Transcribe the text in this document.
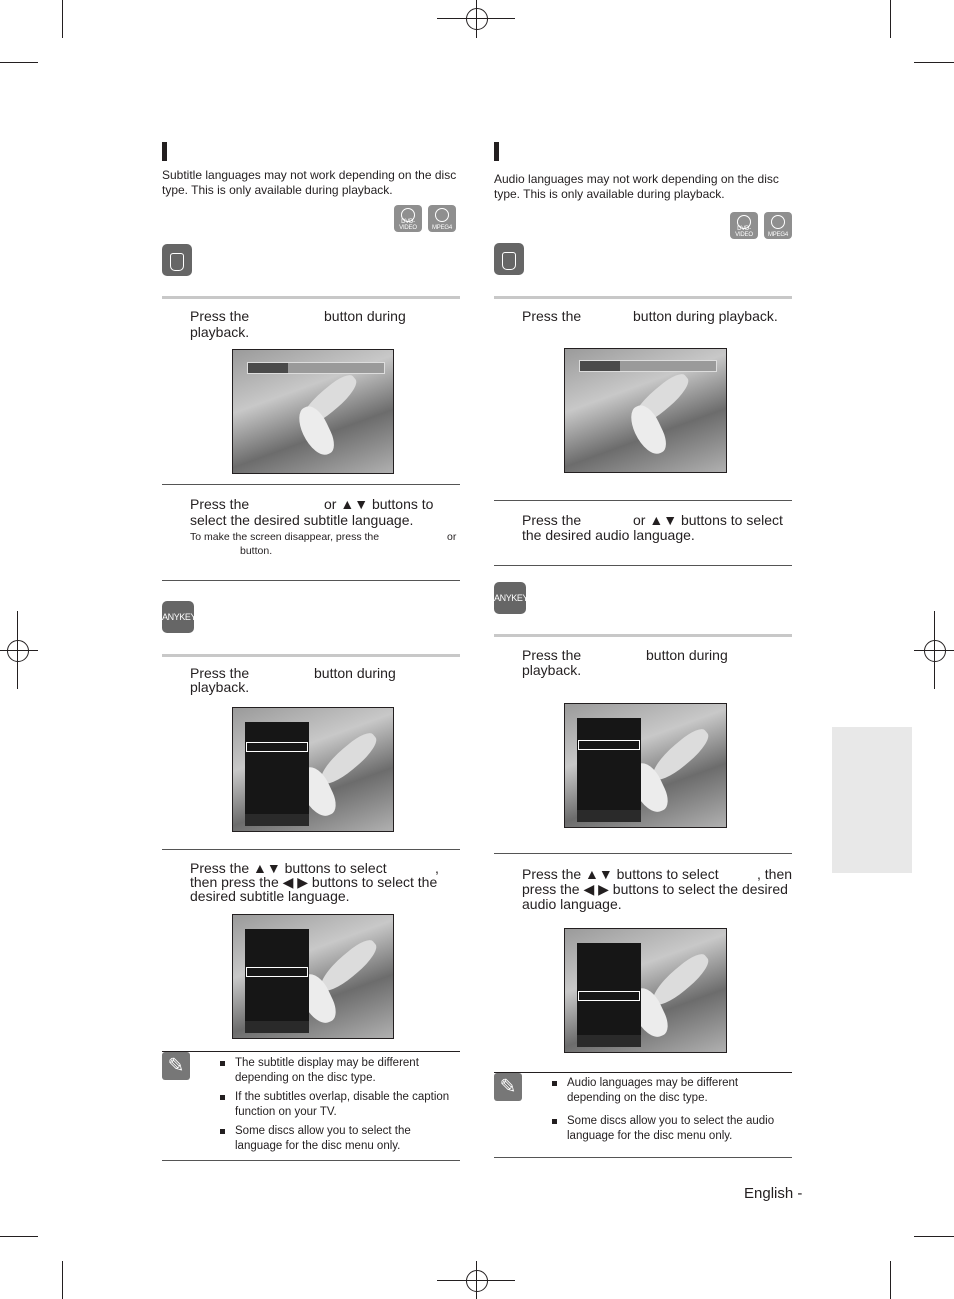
Subtitle languages may not work depending on the disc type. This is only available during playback.
DVD-VIDEO	MPEG4
Press the	button during
playback.
Press the	or ▲▼ buttons to
select the desired subtitle language.
To make the screen disappear, press the	or
button.
ANYKEY
Press the	button during
playback.
Press the ▲▼ buttons to select	,
then press the ◀ ▶ buttons to select the
desired subtitle language.
✎	The subtitle display may be different depending on the disc type.
If the subtitles overlap, disable the caption function on your TV.
Some discs allow you to select the language for the disc menu only.
Audio languages may not work depending on the disc type. This is only available during playback.
DVD-VIDEO	MPEG4
Press the	button during playback.
Press the	or ▲▼ buttons to select
the desired audio language.
ANYKEY
Press the	button during
playback.
Press the ▲▼ buttons to select	, then
press the ◀ ▶ buttons to select the desired
audio language.
✎	Audio languages may be different depending on the disc type.
Some discs allow you to select the audio language for the disc menu only.
English -
